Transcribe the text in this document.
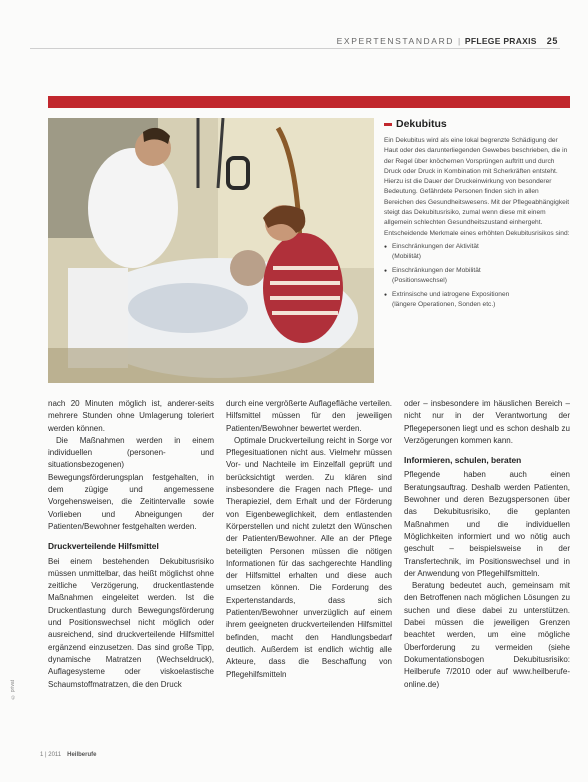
EXPERTENSTANDARD | PFLEGE PRAXIS 25
Dekubitus

Ein Dekubitus wird als eine lokal begrenzte Schädigung der Haut oder des darunterliegenden Gewebes beschrieben, die in der Regel über knöchernen Vorsprüngen auftritt und durch Druck oder Druck in Kombination mit Scherkräften entsteht. Hierzu ist die Dauer der Druckeinwirkung von besonderer Bedeutung. Gefährdete Personen finden sich in allen Bereichen des Gesundheitswesens. Mit der Pflegeabhängigkeit steigt das Dekubitusrisiko, zumal wenn diese mit einem allgemein schlechten Gesundheitszustand einhergeht. Entscheidende Merkmale eines erhöhten Dekubitusrisikos sind:

● Einschränkungen der Aktivität
(Mobilität)
● Einschränkungen der Mobilität
(Positionswechsel)
● Extrinsische und iatrogene Expositionen
(längere Operationen, Sonden etc.)

nach 20 Minuten möglich ist, anderer-seits mehrere Stunden ohne Umlagerung toleriert werden können.

Die Maßnahmen werden in einem individuellen (personen- und situationsbezogenen) Bewegungsförderungsplan festgehalten, in dem zügige und angemessene Vorgehensweisen, die Zeitintervalle sowie Vorlieben und Abneigungen der Patienten/Bewohner festgehalten werden.

Druckverteilende Hilfsmittel

Bei einem bestehenden Dekubitusrisiko müssen unmittelbar, das heißt möglichst ohne zeitliche Verzögerung, druckentlastende Maßnahmen eingeleitet werden. Ist die Druckentlastung durch Bewegungsförderung und Positionswechsel nicht möglich oder ausreichend, sind druckverteilende Hilfsmittel ergänzend einzusetzen. Das sind große Tipp, dynamische Matratzen (Wechseldruck), Auflagesysteme oder viskoelastische Schaumstoffmatratzen, die den Druck

durch eine vergrößerte Auflagefläche verteilen. Hilfsmittel müssen für den jeweiligen Patienten/Bewohner bewertet werden.

Optimale Druckverteilung reicht in Sorge vor Pflegesituationen nicht aus. Vielmehr müssen Vor- und Nachteile im Einzelfall geprüft und berücksichtigt werden. Zu klären sind insbesondere die Fragen nach Pflege- und Therapieziel, dem Erhalt und der Förderung von Eigenbeweglichkeit, dem entlastenden Körperstellen und nicht zuletzt den Wünschen der Patienten/Bewohner. Alle an der Pflege beteiligten Personen müssen die nötigen Informationen für das sachgerechte Handling der Hilfsmittel erhalten und diese auch umsetzen können. Die Forderung des Expertenstandards, dass sich Patienten/Bewohner unverzüglich auf einem ihrem geeigneten druckverteilenden Hilfsmittel befinden, macht den Handlungsbedarf deutlich. Außerdem ist endlich wichtig alle Akteure, dass die Beschaffung von Pflegehilfsmitteln

oder – insbesondere im häuslichen Bereich – nicht nur in der Verantwortung der Pflegepersonen liegt und es schon deshalb zu Verzögerungen kommen kann.

Informieren, schulen, beraten

Pflegende haben auch einen Beratungsauftrag. Deshalb werden Patienten, Bewohner und deren Bezugspersonen über das Dekubitusrisiko, die geplanten Maßnahmen und die individuellen Möglichkeiten informiert und wo nötig auch geschult – beispielsweise in der Transfertechnik, im Positionswechsel und in der Anwendung von Pflegehilfsmitteln.

Beratung bedeutet auch, gemeinsam mit den Betroffenen nach möglichen Lösungen zu suchen und diese dabei zu unterstützen. Dabei müssen die jeweiligen Grenzen beachtet werden, um eine mögliche Überforderung zu vermeiden (siehe Dokumentationsbogen Dekubitusrisiko: Heilberufe 7/2010 oder auf www.heilberufe-online.de)

© privat
1 | 2011 Heilberufe
